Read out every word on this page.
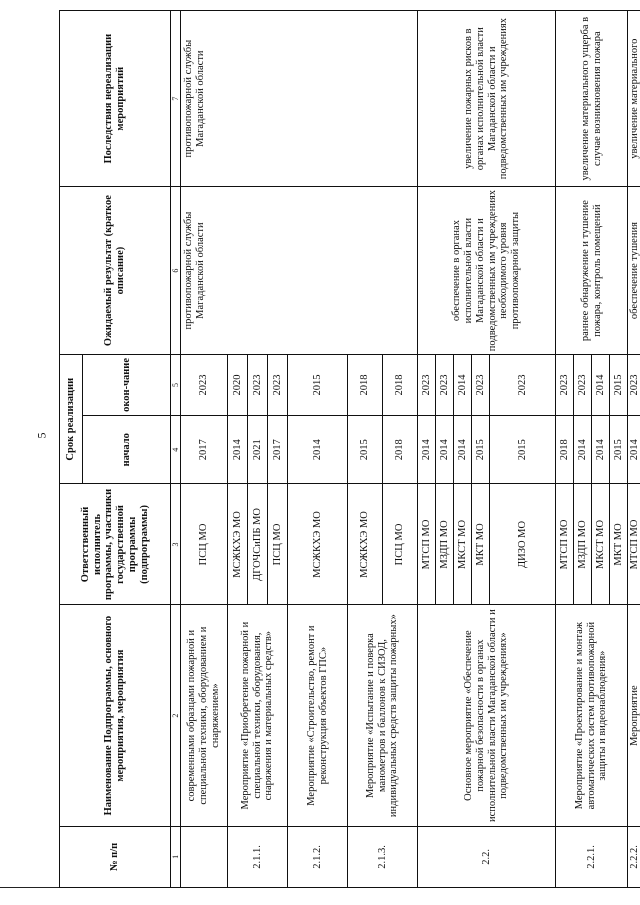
5
№ п/п	Наименование Подпрограммы, основного мероприятия, мероприятия	Ответственный исполнитель программы, участники государственной программы (подпрограммы)	Срок реализации		Ожидаемый результат (краткое описание)	Последствия нереализации мероприятий
			начало	окон-чание		
1	2	3	4	5	6	7
	современными образцами пожарной и специальной техники, оборудованием и снаряжением»	ПСЦ МО	2017	2023	противопожарной службы Магаданской области	противопожарной службы Магаданской области
2.1.1.	Мероприятие «Приобретение пожарной и специальной техники, оборудования, снаряжения и материальных средств»	МСЖКХЭ МО	2014	2020		
		ДГОЧСиПБ МО	2021	2023		
		ПСЦ МО	2017	2023		
2.1.2.	Мероприятие «Строительство, ремонт и реконструкция объектов ГПС»	МСЖКХЭ МО	2014	2015		
2.1.3.	Мероприятие «Испытание и поверка манометров и баллонов к СИЗОД, индивидуальных средств защиты пожарных»	МСЖКХЭ МО	2015	2018		
		ПСЦ МО	2018	2018		
2.2.	Основное мероприятие «Обеспечение пожарной безопасности в органах исполнительной власти Магаданской области и подведомственных им учреждениях»	МТСП МО	2014	2023	обеспечение в органах исполнительной власти Магаданской области и подведомственных им учреждениях необходимого уровня противопожарной защиты	увеличение пожарных рисков в органах исполнительной власти Магаданской области и подведомственных им учреждениях
		МЗДП МО	2014	2023		
		МКСТ МО	2014	2014		
		МКТ МО	2015	2023		
		ДИЗО МО	2015	2023		
2.2.1.	Мероприятие «Проектирование и монтаж автоматических систем противопожарной защиты и видеонаблюдения»	МТСП МО	2018	2023	раннее обнаружение и тушение пожара, контроль помещений	увеличение материального ущерба в случае возникновения пожара
		МЗДП МО	2014	2023		
		МКСТ МО	2014	2014		
		МКТ МО	2015	2015		
2.2.2.	Мероприятие	МТСП МО	2014	2023	обеспечение тушения	увеличение материального
